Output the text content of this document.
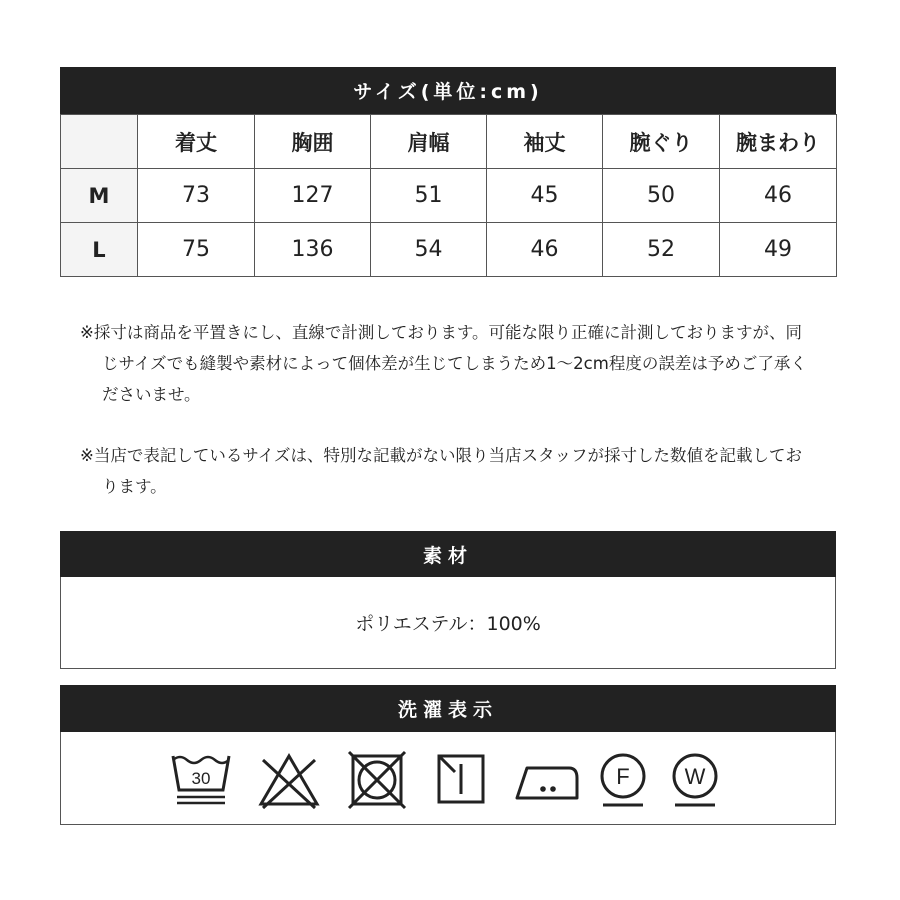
サイズ(単位:cm)
	着丈	胸囲	肩幅	袖丈	腕ぐり	腕まわり
M	73	127	51	45	50	46
L	75	136	54	46	52	49

※採寸は商品を平置きにし、直線で計測しております。可能な限り正確に計測しておりますが、同じサイズでも縫製や素材によって個体差が生じてしまうため1～2cm程度の誤差は予めご了承くださいませ。

※当店で表記しているサイズは、特別な記載がない限り当店スタッフが採寸した数値を記載しております。

素材
ポリエステル：100%
洗濯表示
30	F W
